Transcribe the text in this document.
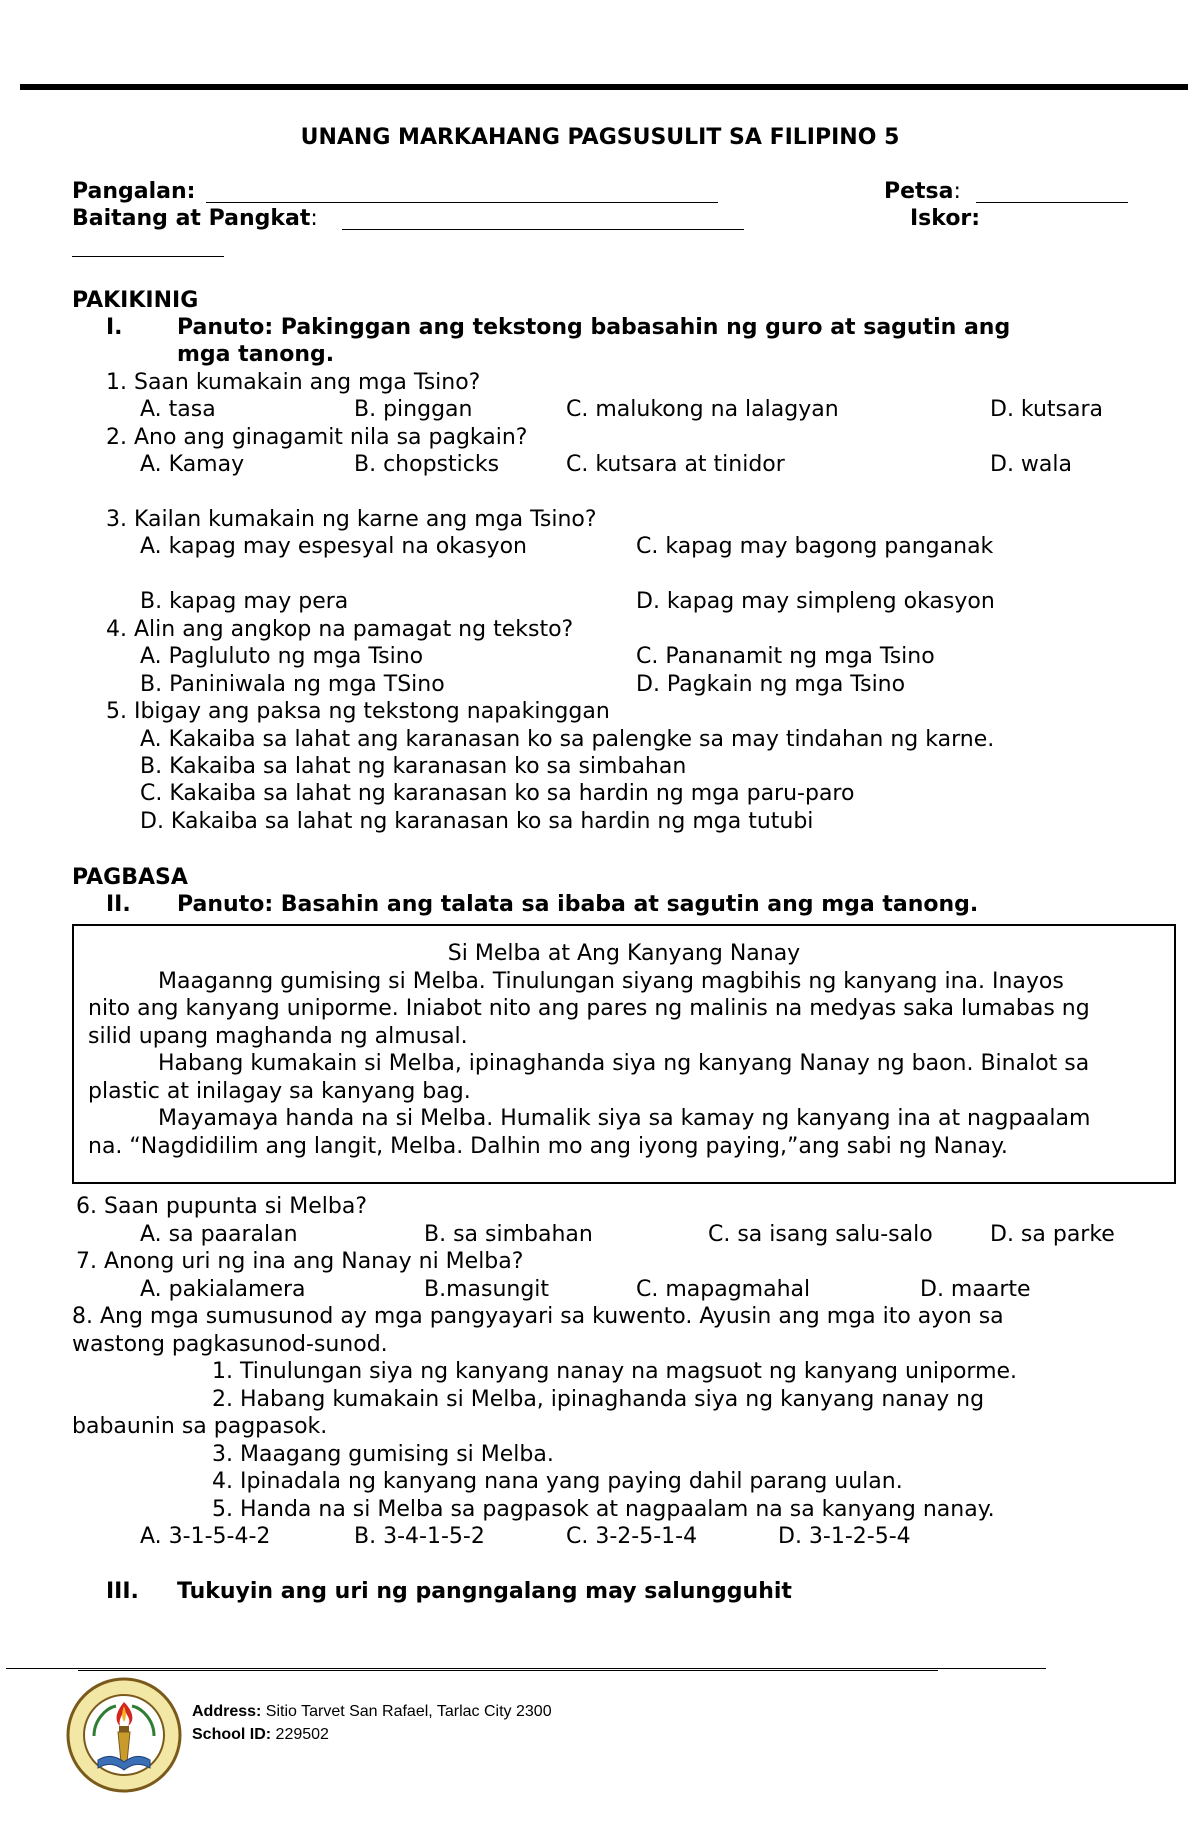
UNANG MARKAHANG PAGSUSULIT SA FILIPINO 5
Pangalan:	Petsa:
Baitang at Pangkat:	Iskor:
PAKIKINIG
I. Panuto: Pakinggan ang tekstong babasahin ng guro at sagutin ang
mga tanong.
1. Saan kumakain ang mga Tsino?
A. tasa	B. pinggan	C. malukong na lalagyan	D. kutsara
2. Ano ang ginagamit nila sa pagkain?
A. Kamay	B. chopsticks	C. kutsara at tinidor	D. wala
3. Kailan kumakain ng karne ang mga Tsino?
A. kapag may espesyal na okasyon	C. kapag may bagong panganak
B. kapag may pera	D. kapag may simpleng okasyon
4. Alin ang angkop na pamagat ng teksto?
A. Pagluluto ng mga Tsino	C. Pananamit ng mga Tsino
B. Paniniwala ng mga TSino	D. Pagkain ng mga Tsino
5. Ibigay ang paksa ng tekstong napakinggan
A. Kakaiba sa lahat ang karanasan ko sa palengke sa may tindahan ng karne.
B. Kakaiba sa lahat ng karanasan ko sa simbahan
C. Kakaiba sa lahat ng karanasan ko sa hardin ng mga paru-paro
D. Kakaiba sa lahat ng karanasan ko sa hardin ng mga tutubi
PAGBASA
II. Panuto: Basahin ang talata sa ibaba at sagutin ang mga tanong.
Si Melba at Ang Kanyang Nanay
Maaganng gumising si Melba. Tinulungan siyang magbihis ng kanyang ina. Inayos
nito ang kanyang uniporme. Iniabot nito ang pares ng malinis na medyas saka lumabas ng
silid upang maghanda ng almusal.
Habang kumakain si Melba, ipinaghanda siya ng kanyang Nanay ng baon. Binalot sa
plastic at inilagay sa kanyang bag.
Mayamaya handa na si Melba. Humalik siya sa kamay ng kanyang ina at nagpaalam
na. “Nagdidilim ang langit, Melba. Dalhin mo ang iyong paying,”ang sabi ng Nanay.
6. Saan pupunta si Melba?
A. sa paaralan	B. sa simbahan	C. sa isang salu-salo	D. sa parke
7. Anong uri ng ina ang Nanay ni Melba?
A. pakialamera	B.masungit	C. mapagmahal	D. maarte
8. Ang mga sumusunod ay mga pangyayari sa kuwento. Ayusin ang mga ito ayon sa
wastong pagkasunod-sunod.
1. Tinulungan siya ng kanyang nanay na magsuot ng kanyang uniporme.
2. Habang kumakain si Melba, ipinaghanda siya ng kanyang nanay ng
babaunin sa pagpasok.
3. Maagang gumising si Melba.
4. Ipinadala ng kanyang nana yang paying dahil parang uulan.
5. Handa na si Melba sa pagpasok at nagpaalam na sa kanyang nanay.
A. 3-1-5-4-2	B. 3-4-1-5-2	C. 3-2-5-1-4	D. 3-1-2-5-4
III. Tukuyin ang uri ng pangngalang may salungguhit
Address: Sitio Tarvet San Rafael, Tarlac City 2300
School ID: 229502
